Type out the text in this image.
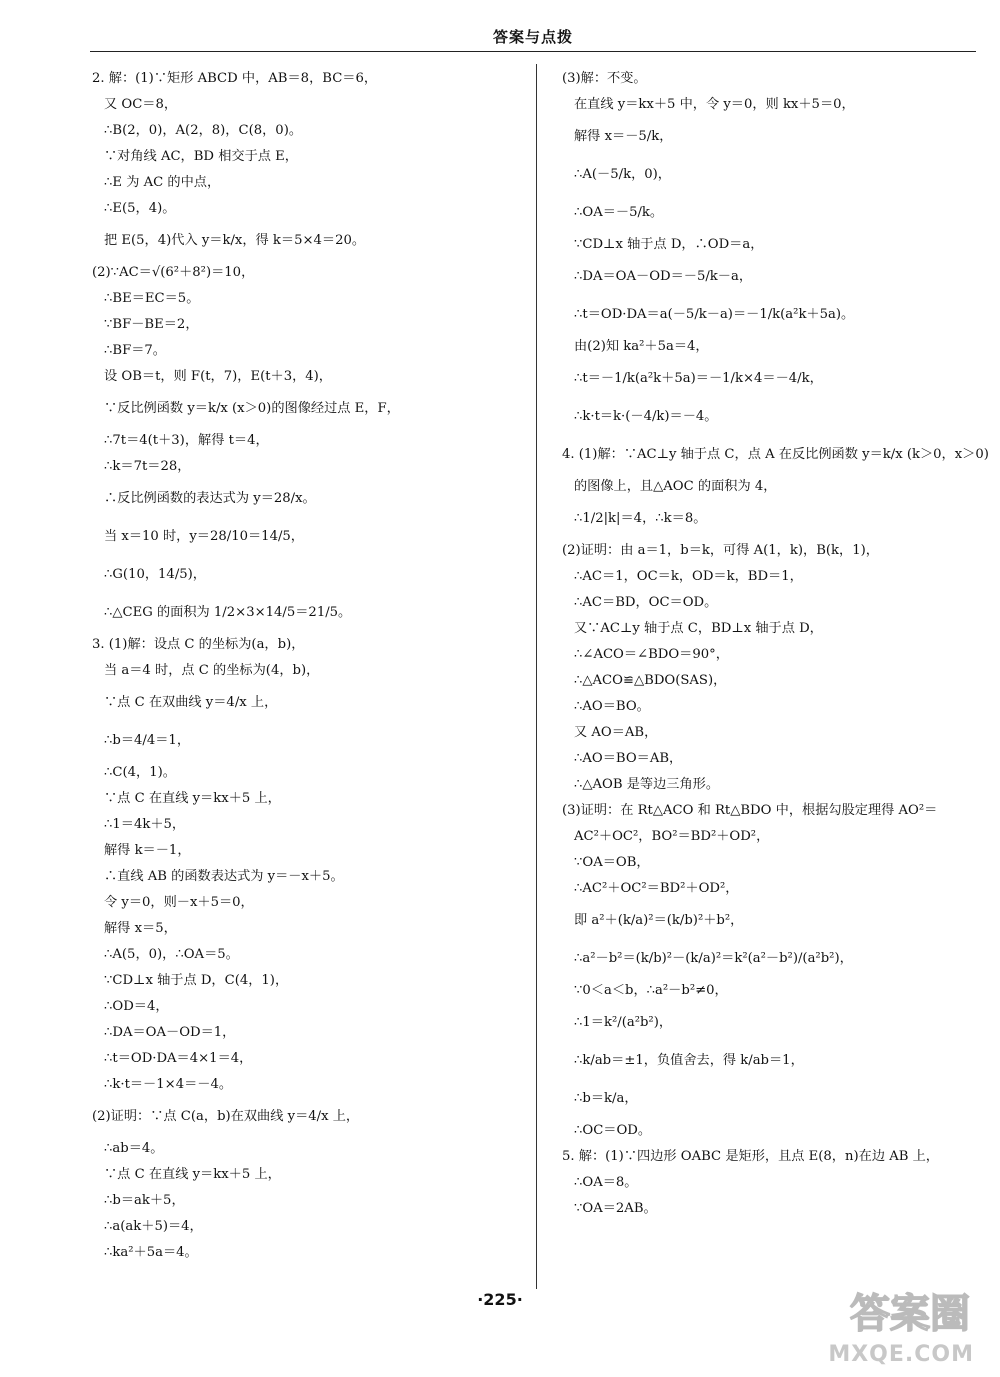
答案与点拨
2. 解：(1)∵矩形 ABCD 中，AB＝8，BC＝6，
又 OC＝8，
∴B(2，0)，A(2，8)，C(8，0)。
∵对角线 AC，BD 相交于点 E，
∴E 为 AC 的中点，
∴E(5，4)。
把 E(5，4)代入 y＝k/x，得 k＝5×4＝20。
(2)∵AC＝√(6²＋8²)＝10，
∴BE＝EC＝5。
∵BF－BE＝2，
∴BF＝7。
设 OB＝t，则 F(t，7)，E(t＋3，4)，
∵反比例函数 y＝k/x (x＞0)的图像经过点 E，F，
∴7t＝4(t＋3)，解得 t＝4，
∴k＝7t＝28，
∴反比例函数的表达式为 y＝28/x。
当 x＝10 时，y＝28/10＝14/5，
∴G(10，14/5)，
∴△CEG 的面积为 1/2×3×14/5＝21/5。
3. (1)解：设点 C 的坐标为(a，b)，
当 a＝4 时，点 C 的坐标为(4，b)，
∵点 C 在双曲线 y＝4/x 上，
∴b＝4/4＝1，
∴C(4，1)。
∵点 C 在直线 y＝kx＋5 上，
∴1＝4k＋5，
解得 k＝－1，
∴直线 AB 的函数表达式为 y＝－x＋5。
令 y＝0，则－x＋5＝0，
解得 x＝5，
∴A(5，0)，∴OA＝5。
∵CD⊥x 轴于点 D，C(4，1)，
∴OD＝4，
∴DA＝OA－OD＝1，
∴t＝OD·DA＝4×1＝4，
∴k·t＝－1×4＝－4。
(2)证明：∵点 C(a，b)在双曲线 y＝4/x 上，
∴ab＝4。
∵点 C 在直线 y＝kx＋5 上，
∴b＝ak＋5，
∴a(ak＋5)＝4，
∴ka²＋5a＝4。
(3)解：不变。
在直线 y＝kx＋5 中，令 y＝0，则 kx＋5＝0，
解得 x＝－5/k，
∴A(－5/k，0)，
∴OA＝－5/k。
∵CD⊥x 轴于点 D，∴OD＝a，
∴DA＝OA－OD＝－5/k－a，
∴t＝OD·DA＝a(－5/k－a)＝－1/k(a²k＋5a)。
由(2)知 ka²＋5a＝4，
∴t＝－1/k(a²k＋5a)＝－1/k×4＝－4/k，
∴k·t＝k·(－4/k)＝－4。
4. (1)解：∵AC⊥y 轴于点 C，点 A 在反比例函数 y＝k/x (k＞0，x＞0)
的图像上，且△AOC 的面积为 4，
∴1/2|k|＝4，∴k＝8。
(2)证明：由 a＝1，b＝k，可得 A(1，k)，B(k，1)，
∴AC＝1，OC＝k，OD＝k，BD＝1，
∴AC＝BD，OC＝OD。
又∵AC⊥y 轴于点 C，BD⊥x 轴于点 D，
∴∠ACO＝∠BDO＝90°，
∴△ACO≌△BDO(SAS)，
∴AO＝BO。
又 AO＝AB，
∴AO＝BO＝AB，
∴△AOB 是等边三角形。
(3)证明：在 Rt△ACO 和 Rt△BDO 中，根据勾股定理得 AO²＝
AC²＋OC²，BO²＝BD²＋OD²，
∵OA＝OB，
∴AC²＋OC²＝BD²＋OD²，
即 a²＋(k/a)²＝(k/b)²＋b²，
∴a²－b²＝(k/b)²－(k/a)²＝k²(a²－b²)/(a²b²)，
∵0＜a＜b，∴a²－b²≠0，
∴1＝k²/(a²b²)，
∴k/ab＝±1，负值舍去，得 k/ab＝1，
∴b＝k/a，
∴OC＝OD。
5. 解：(1)∵四边形 OABC 是矩形，且点 E(8，n)在边 AB 上，
∴OA＝8。
∵OA＝2AB。
·225·	答案圈
MXQE.COM
